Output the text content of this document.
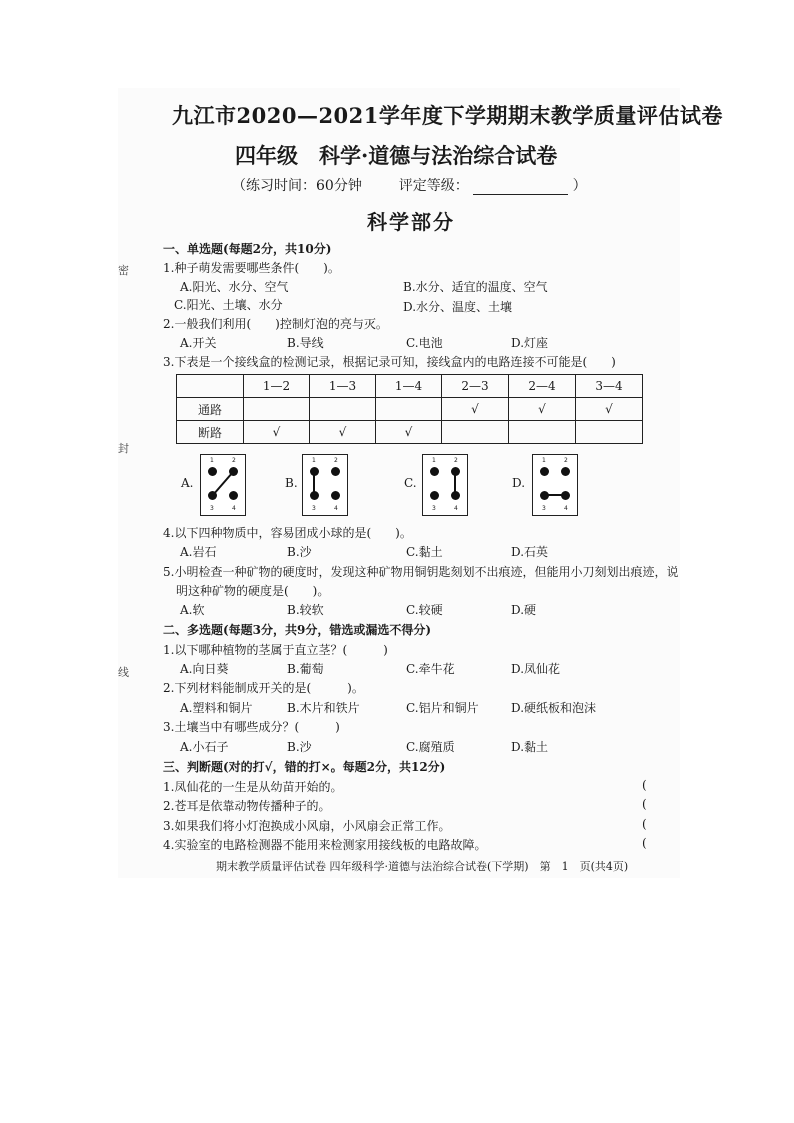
密
封
线
九江市2020—2021学年度下学期期末教学质量评估试卷
四年级　科学·道德与法治综合试卷
（练习时间：60分钟	评定等级：	）
科学部分
一、单选题(每题2分，共10分)
1.种子萌发需要哪些条件(　　)。
A.阳光、水分、空气	B.水分、适宜的温度、空气
C.阳光、土壤、水分	D.水分、温度、土壤
2.一般我们利用(　　)控制灯泡的亮与灭。
A.开关	B.导线	C.电池	D.灯座
3.下表是一个接线盒的检测记录，根据记录可知，接线盒内的电路连接不可能是(　　)
	1—2	1—3	1—4	2—3	2—4	3—4
通路				√	√	√
断路	√	√	√			
A.
1	2
3	4
B.
1	2
3	4
C.
1	2
3	4
D.
1	2
3	4
4.以下四种物质中，容易团成小球的是(　　)。
A.岩石	B.沙	C.黏土	D.石英
5.小明检查一种矿物的硬度时，发现这种矿物用铜钥匙刻划不出痕迹，但能用小刀刻划出痕迹，说
明这种矿物的硬度是(　　)。
A.软	B.较软	C.较硬	D.硬
二、多选题(每题3分，共9分，错选或漏选不得分)
1.以下哪种植物的茎属于直立茎？(　　　)
A.向日葵	B.葡萄	C.牵牛花	D.凤仙花
2.下列材料能制成开关的是(　　　)。
A.塑料和铜片	B.木片和铁片	C.铝片和铜片	D.硬纸板和泡沫
3.土壤当中有哪些成分？(　　　)
A.小石子	B.沙	C.腐殖质	D.黏土
三、判断题(对的打√，错的打×。每题2分，共12分)
1.凤仙花的一生是从幼苗开始的。
2.苍耳是依靠动物传播种子的。
3.如果我们将小灯泡换成小风扇，小风扇会正常工作。
4.实验室的电路检测器不能用来检测家用接线板的电路故障。
(
(
(
(
期末教学质量评估试卷 四年级科学·道德与法治综合试卷(下学期)　第　1　页(共4页)
